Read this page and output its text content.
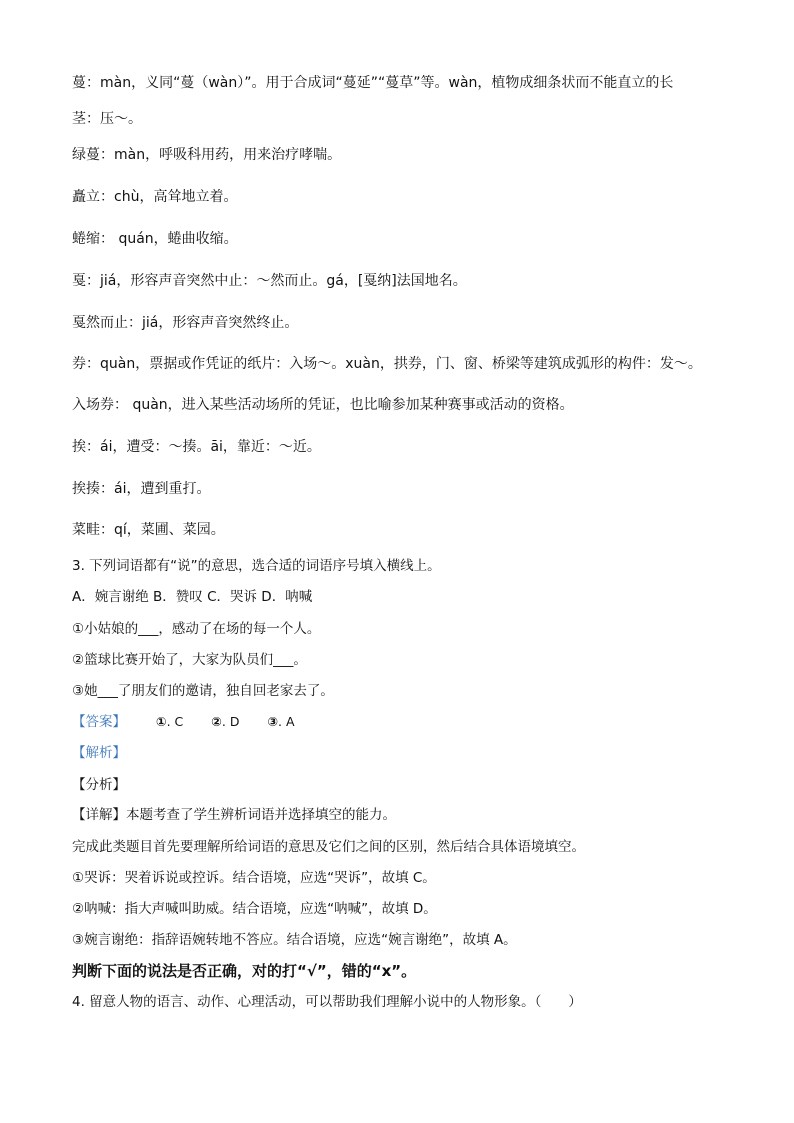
蔓：màn，义同“蔓（wàn）”。用于合成词“蔓延”“蔓草”等。wàn，植物成细条状而不能直立的长
茎：压～。
绿蔓：màn，呼吸科用药，用来治疗哮喘。
矗立：chù，高耸地立着。
蜷缩： quán，蜷曲收缩。
戛：jiá，形容声音突然中止：～然而止。gá，[戛纳]法国地名。
戛然而止：jiá，形容声音突然终止。
券：quàn，票据或作凭证的纸片：入场～。xuàn，拱券，门、窗、桥梁等建筑成弧形的构件：发～。
入场券： quàn，进入某些活动场所的凭证，也比喻参加某种赛事或活动的资格。
挨：ái，遭受：～揍。āi，靠近：～近。
挨揍：ái，遭到重打。
菜畦：qí，菜圃、菜园。
3. 下列词语都有“说”的意思，选合适的词语序号填入横线上。
A．婉言谢绝 B．赞叹 C．哭诉 D．呐喊
①小姑娘的___，感动了在场的每一个人。
②篮球比赛开始了，大家为队员们___。
③她___了朋友们的邀请，独自回老家去了。
【答案】 ①. C ②. D ③. A
【解析】
【分析】
【详解】本题考查了学生辨析词语并选择填空的能力。
完成此类题目首先要理解所给词语的意思及它们之间的区别，然后结合具体语境填空。
①哭诉：哭着诉说或控诉。结合语境，应选“哭诉”，故填 C。
②呐喊：指大声喊叫助威。结合语境，应选“呐喊”，故填 D。
③婉言谢绝：指辞语婉转地不答应。结合语境，应选“婉言谢绝”，故填 A。
判断下面的说法是否正确，对的打“√”，错的“x”。
4. 留意人物的语言、动作、心理活动，可以帮助我们理解小说中的人物形象。（　　）
